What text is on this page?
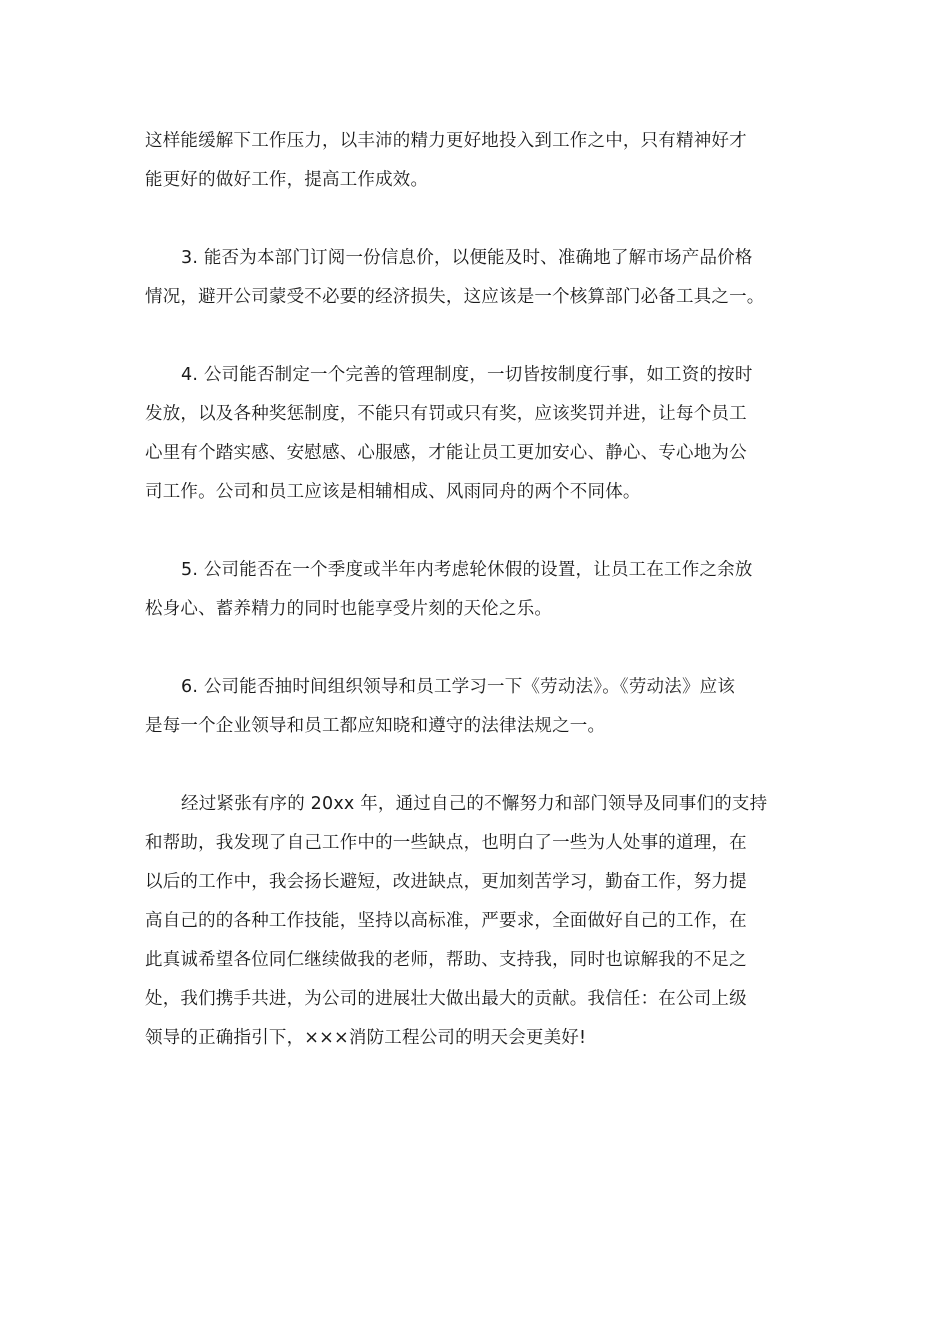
这样能缓解下工作压力，以丰沛的精力更好地投入到工作之中，只有精神好才
能更好的做好工作，提高工作成效。

3. 能否为本部门订阅一份信息价，以便能及时、准确地了解市场产品价格
情况，避开公司蒙受不必要的经济损失，这应该是一个核算部门必备工具之一。

4. 公司能否制定一个完善的管理制度，一切皆按制度行事，如工资的按时
发放，以及各种奖惩制度，不能只有罚或只有奖，应该奖罚并进，让每个员工
心里有个踏实感、安慰感、心服感，才能让员工更加安心、静心、专心地为公
司工作。公司和员工应该是相辅相成、风雨同舟的两个不同体。

5. 公司能否在一个季度或半年内考虑轮休假的设置，让员工在工作之余放
松身心、蓄养精力的同时也能享受片刻的天伦之乐。

6. 公司能否抽时间组织领导和员工学习一下《劳动法》。《劳动法》应该
是每一个企业领导和员工都应知晓和遵守的法律法规之一。

经过紧张有序的 20xx 年，通过自己的不懈努力和部门领导及同事们的支持
和帮助，我发现了自己工作中的一些缺点，也明白了一些为人处事的道理，在
以后的工作中，我会扬长避短，改进缺点，更加刻苦学习，勤奋工作，努力提
高自己的的各种工作技能，坚持以高标准，严要求，全面做好自己的工作，在
此真诚希望各位同仁继续做我的老师，帮助、支持我，同时也谅解我的不足之
处，我们携手共进，为公司的进展壮大做出最大的贡献。我信任：在公司上级
领导的正确指引下，×××消防工程公司的明天会更美好!
